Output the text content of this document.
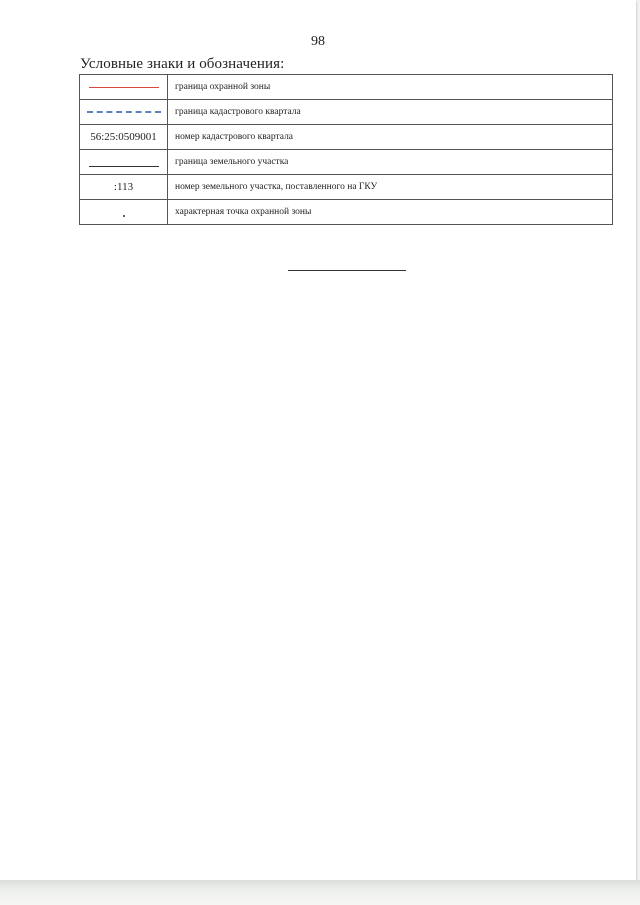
98
Условные знаки и обозначения:
	граница охранной зоны
	граница кадастрового квартала
56:25:0509001	номер кадастрового квартала
	граница земельного участка
:113	номер земельного участка, поставленного на ГКУ
	характерная точка охранной зоны
